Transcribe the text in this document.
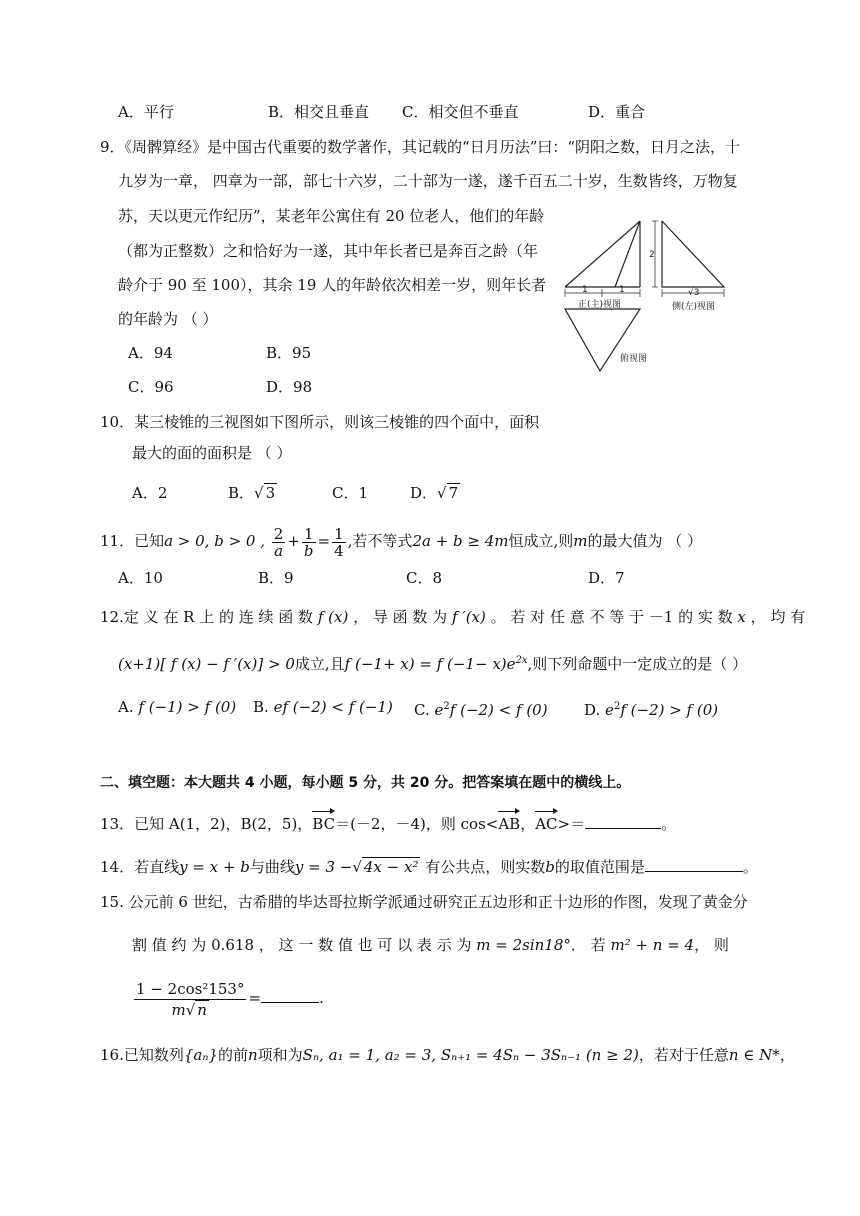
A．平行	B．相交且垂直 C．相交但不垂直	D．重合
9．《周髀算经》是中国古代重要的数学著作，其记载的“日月历法”曰：“阴阳之数，日月之法，十
九岁为一章， 四章为一部，部七十六岁，二十部为一遂，遂千百五二十岁，生数皆终，万物复
苏，天以更元作纪历”，某老年公寓住有 20 位老人，他们的年龄
（都为正整数）之和恰好为一遂，其中年长者已是奔百之龄（年
龄介于 90 至 100），其余 19 人的年龄依次相差一岁，则年长者
的年龄为 （ ）
A．94	B．95
C．96	D．98
1	1
正(主)视图
2
√3
侧(左)视图
俯视图
10．某三棱锥的三视图如下图所示，则该三棱锥的四个面中，面积
最大的面的面积是 （ ）
A．2	B．√ 3	C．1	D．√ 7
11．已知a > 0, b > 0 , $\frac{2}{a} + \frac{1}{b} = \frac{1}{4}$ ,若不等式2a + b ≥ 4m恒成立,则m的最大值为 （ ）
A．10	B．9	C．8	D．7
12.定 义 在 R 上 的 连 续 函 数 f (x) ， 导 函 数 为 f ′(x) 。 若 对 任 意 不 等 于 －1 的 实 数 x ， 均 有
(x+1)[ f (x) − f ′(x)] > 0成立,且f (−1+ x) = f $(-1- x)e^{2x}$,则下列命题中一定成立的是（ ）
A. f (−1) > f (0) B. ef (−2) < f (−1) C. $e^2f$ (−2) < f (0) D. $e^2f$ (−2) > f (0)
二、填空题：本大题共 4 小题，每小题 5 分，共 20 分。把答案填在题中的横线上。
13．已知 A(1，2)，B(2，5)，BC＝(－2，－4)，则 cos<AB，AC>＝	。
14．若直线y = x + b与曲线y = 3 −√ 4x − x² 有公共点，则实数b的取值范围是	。
15. 公元前 6 世纪，古希腊的毕达哥拉斯学派通过研究正五边形和正十边形的作图，发现了黄金分
割 值 约 为 0.618 ， 这 一 数 值 也 可 以 表 示 为 m = 2sin18°． 若 m² + n = 4， 则
$\frac{\text{1 − 2cos²153°}}{m√ n}$ =	.
16.已知数列{aₙ}的前n项和为Sₙ, a₁ = 1, a₂ = 3, Sₙ₊₁ = 4Sₙ − 3Sₙ₋₁ (n ≥ 2)，若对于任意n ∈ N*，
